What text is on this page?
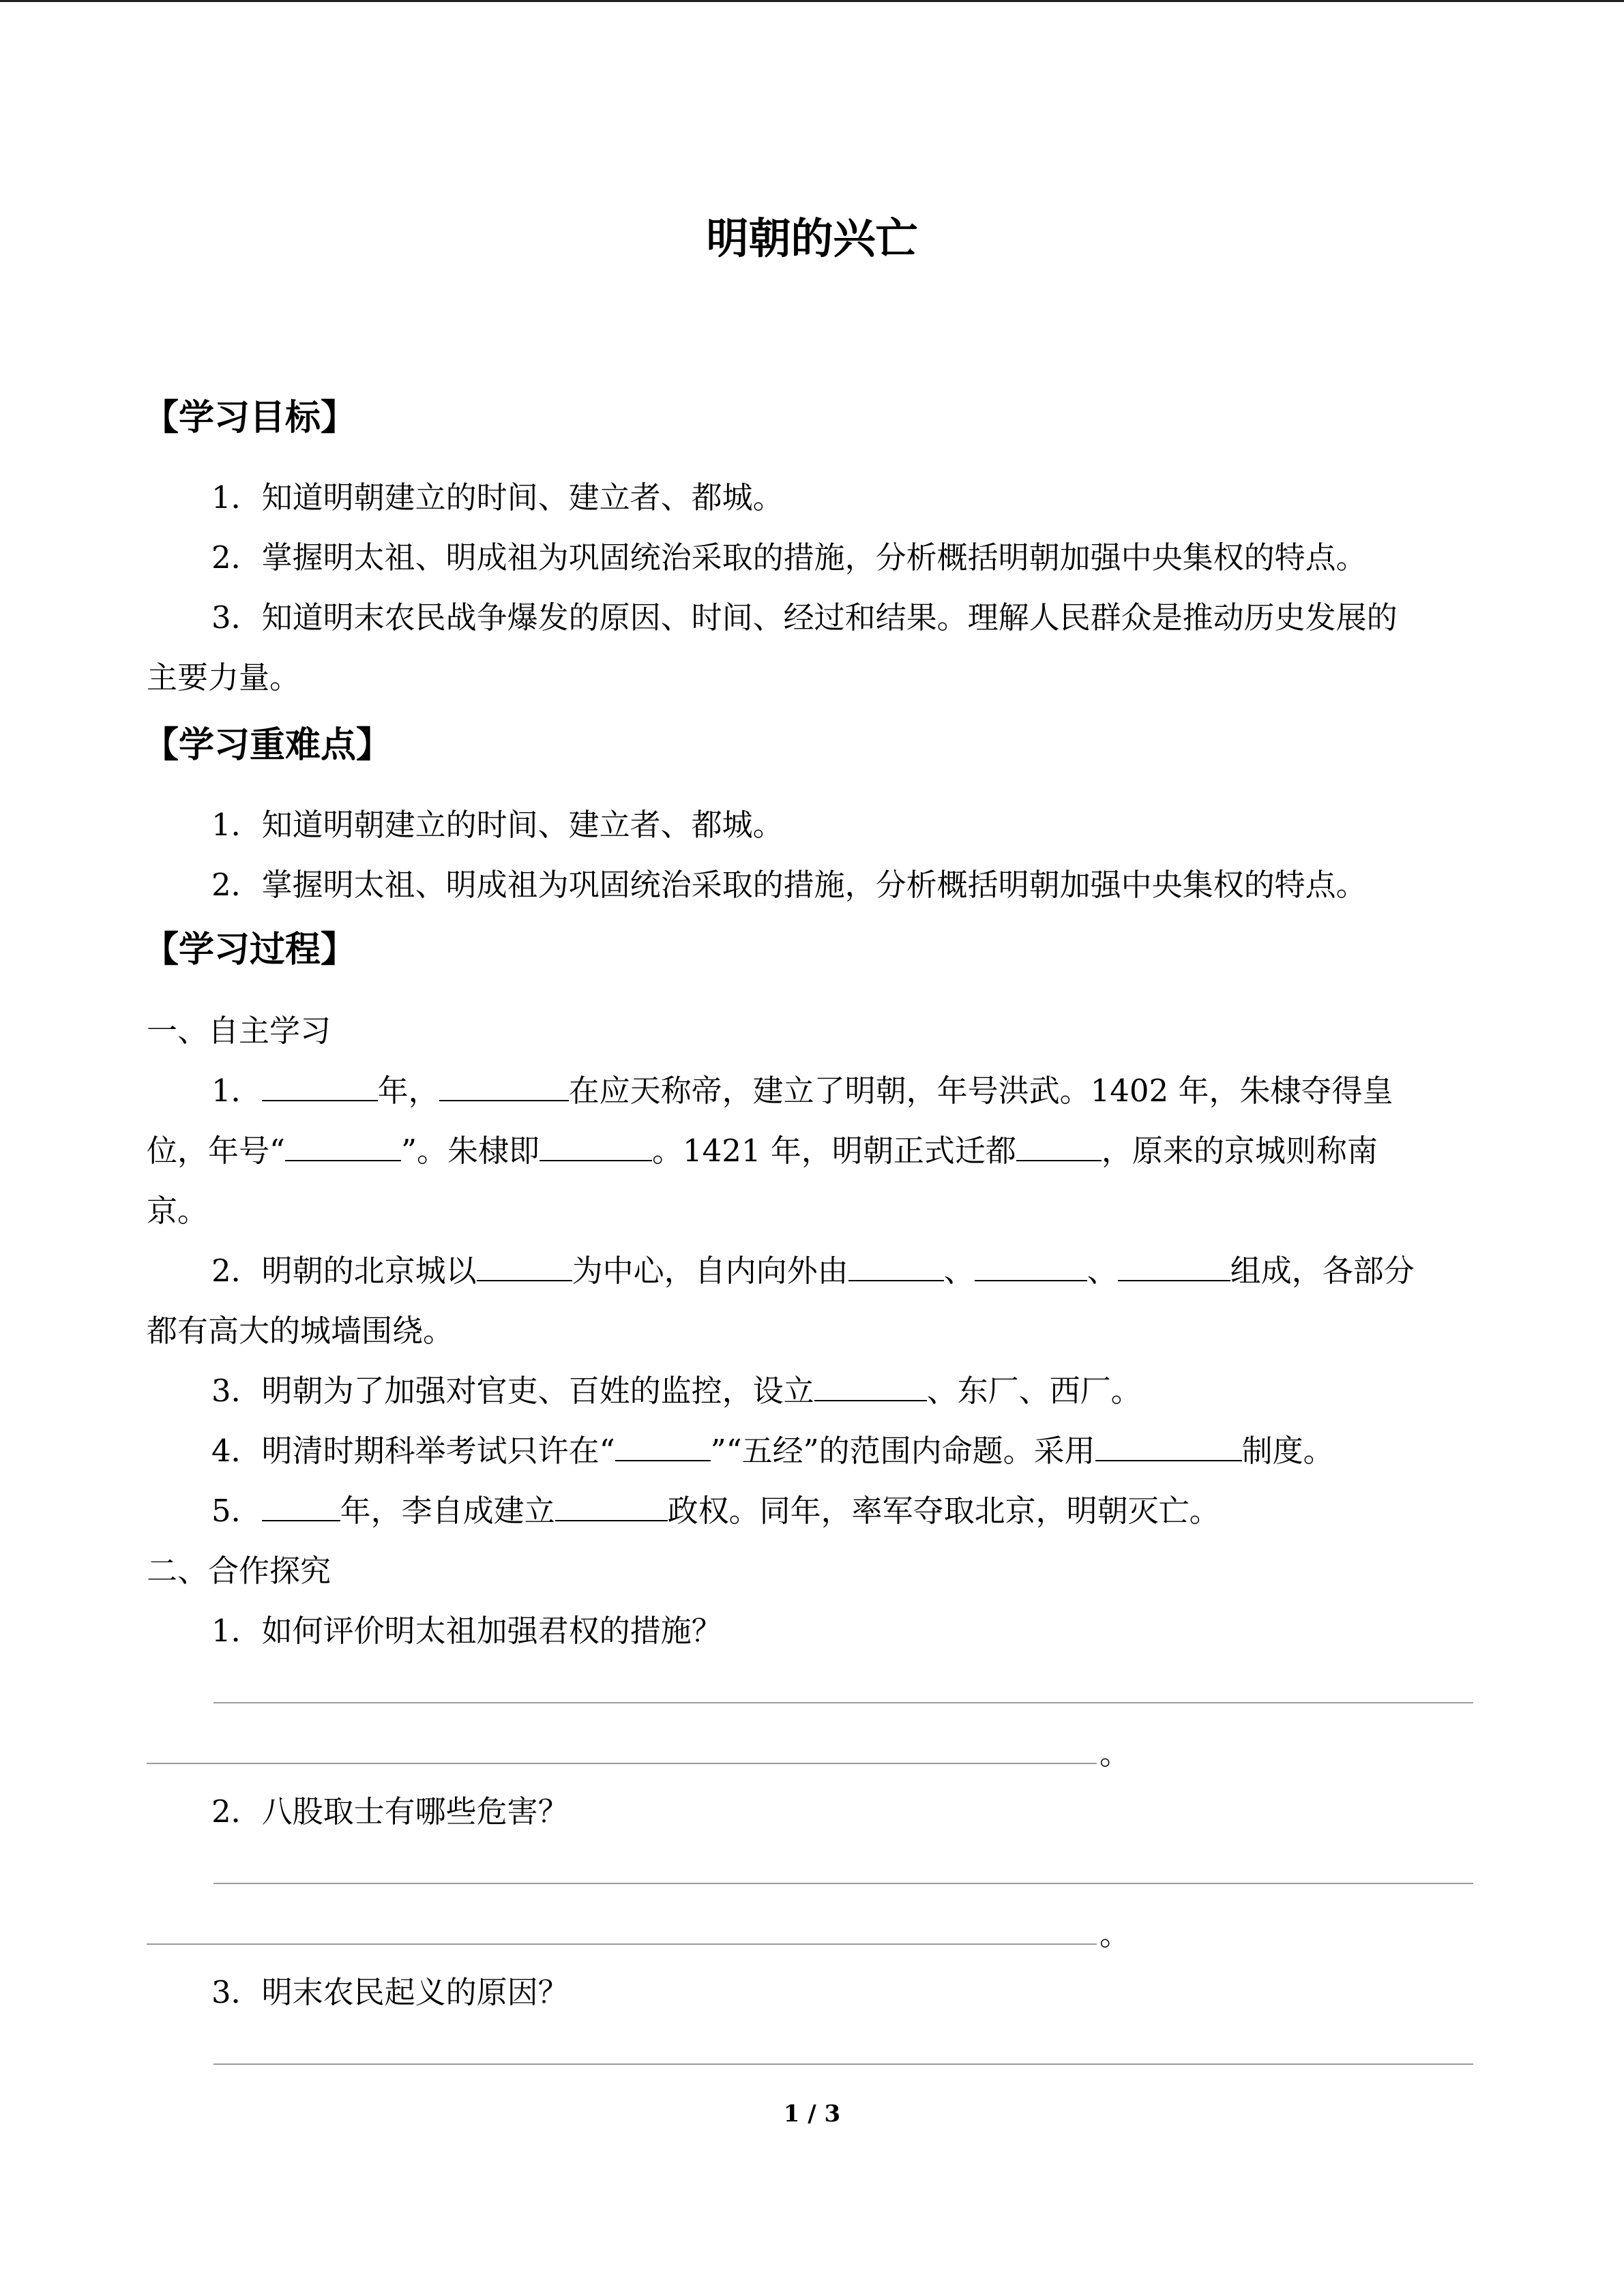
明朝的兴亡
【学习目标】
1．知道明朝建立的时间、建立者、都城。
2．掌握明太祖、明成祖为巩固统治采取的措施，分析概括明朝加强中央集权的特点。
3．知道明末农民战争爆发的原因、时间、经过和结果。理解人民群众是推动历史发展的
主要力量。
【学习重难点】
1．知道明朝建立的时间、建立者、都城。
2．掌握明太祖、明成祖为巩固统治采取的措施，分析概括明朝加强中央集权的特点。
【学习过程】
一、自主学习
1．	年，	在应天称帝，建立了明朝，年号洪武。1402 年，朱棣夺得皇
位，年号“	”。朱棣即	。1421 年，明朝正式迁都	，原来的京城则称南
京。
2．明朝的北京城以	为中心，自内向外由	、	、	组成，各部分
都有高大的城墙围绕。
3．明朝为了加强对官吏、百姓的监控，设立	、东厂、西厂。
4．明清时期科举考试只许在“	”“五经”的范围内命题。采用	制度。
5．	年，李自成建立	政权。同年，率军夺取北京，明朝灭亡。
二、合作探究
1．如何评价明太祖加强君权的措施？
。
2．八股取士有哪些危害？
。
3．明末农民起义的原因？
1 / 3
